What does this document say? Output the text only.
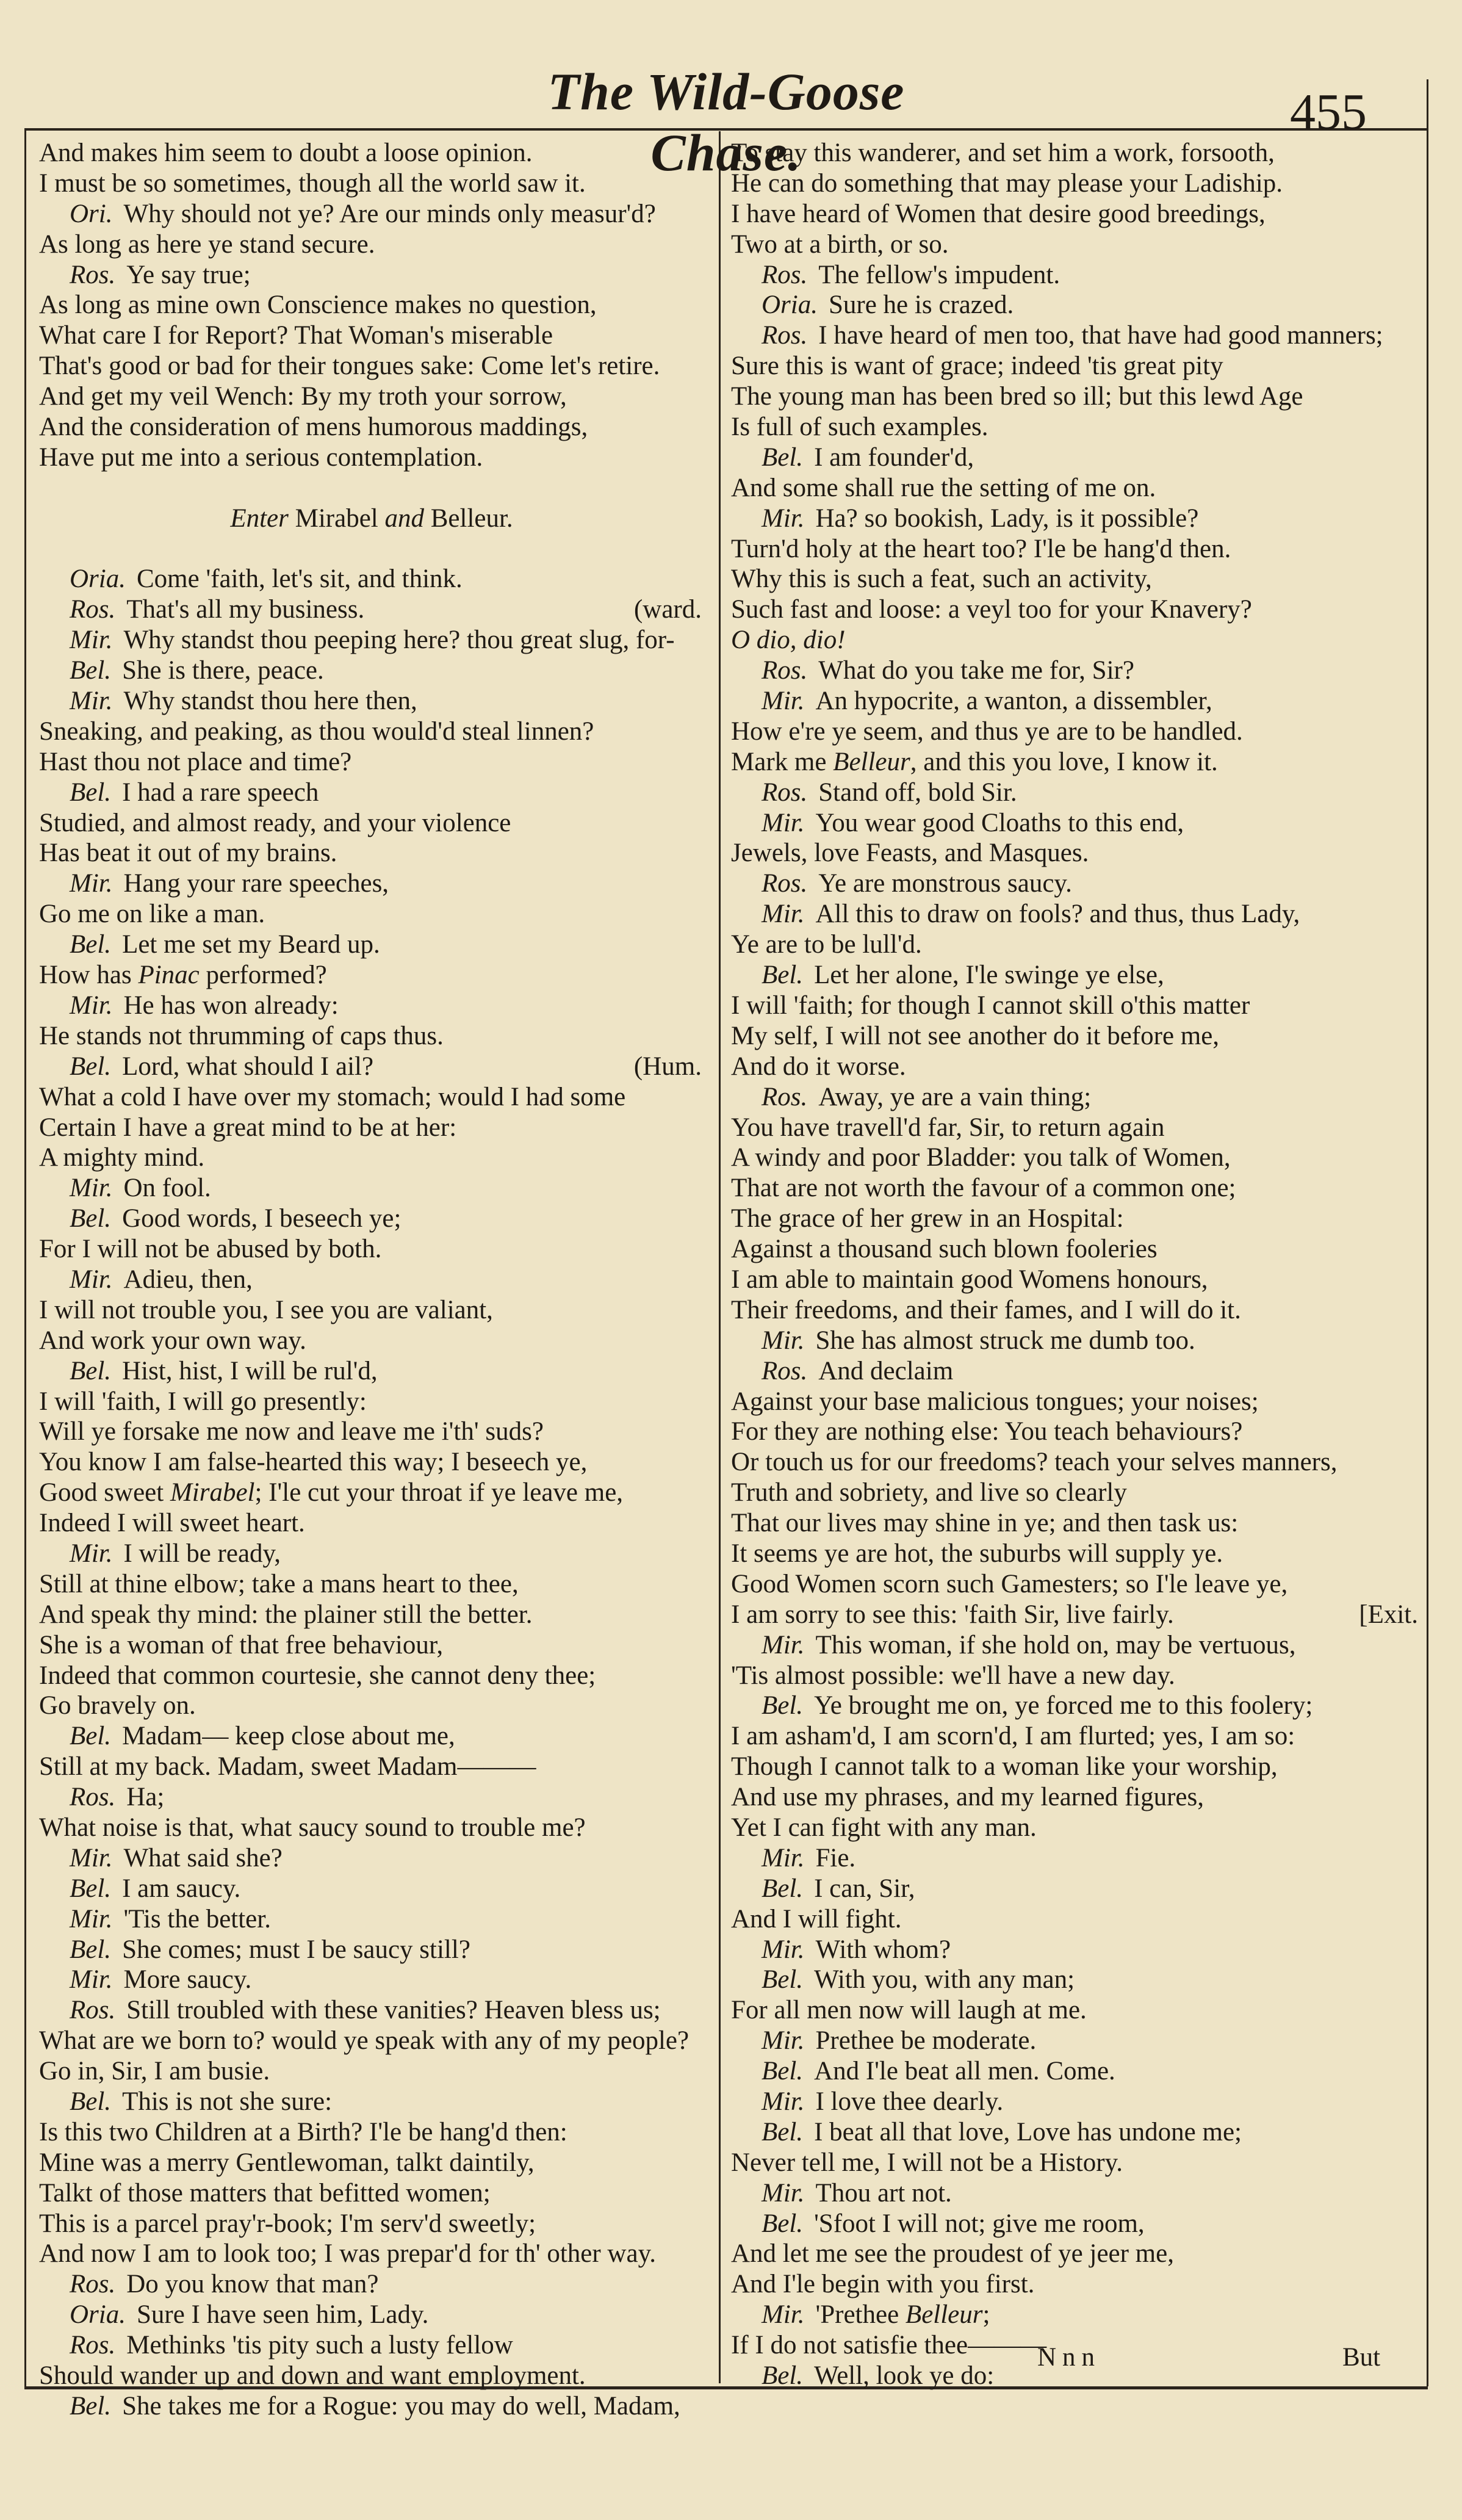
The Wild-Goose Chase.
455
And makes him seem to doubt a loose opinion.
I must be so sometimes, though all the world saw it.
Ori. Why should not ye? Are our minds only measur'd?
As long as here ye stand secure.
Ros. Ye say true;
As long as mine own Conscience makes no question,
What care I for Report? That Woman's miserable
That's good or bad for their tongues sake: Come let's retire.
And get my veil Wench: By my troth your sorrow,
And the consideration of mens humorous maddings,
Have put me into a serious contemplation.

Enter Mirabel and Belleur.

Oria. Come 'faith, let's sit, and think.
Ros. That's all my business.	(ward.
Mir. Why standst thou peeping here? thou great slug, for-
Bel. She is there, peace.
Mir. Why standst thou here then,
Sneaking, and peaking, as thou would'd steal linnen?
Hast thou not place and time?
Bel. I had a rare speech
Studied, and almost ready, and your violence
Has beat it out of my brains.
Mir. Hang your rare speeches,
Go me on like a man.
Bel. Let me set my Beard up.
How has Pinac performed?
Mir. He has won already:
He stands not thrumming of caps thus.
Bel. Lord, what should I ail?	(Hum.
What a cold I have over my stomach; would I had some
Certain I have a great mind to be at her:
A mighty mind.
Mir. On fool.
Bel. Good words, I beseech ye;
For I will not be abused by both.
Mir. Adieu, then,
I will not trouble you, I see you are valiant,
And work your own way.
Bel. Hist, hist, I will be rul'd,
I will 'faith, I will go presently:
Will ye forsake me now and leave me i'th' suds?
You know I am false-hearted this way; I beseech ye,
Good sweet Mirabel; I'le cut your throat if ye leave me,
Indeed I will sweet heart.
Mir. I will be ready,
Still at thine elbow; take a mans heart to thee,
And speak thy mind: the plainer still the better.
She is a woman of that free behaviour,
Indeed that common courtesie, she cannot deny thee;
Go bravely on.
Bel. Madam— keep close about me,
Still at my back. Madam, sweet Madam———
Ros. Ha;
What noise is that, what saucy sound to trouble me?
Mir. What said she?
Bel. I am saucy.
Mir. 'Tis the better.
Bel. She comes; must I be saucy still?
Mir. More saucy.
Ros. Still troubled with these vanities? Heaven bless us;
What are we born to? would ye speak with any of my people?
Go in, Sir, I am busie.
Bel. This is not she sure:
Is this two Children at a Birth? I'le be hang'd then:
Mine was a merry Gentlewoman, talkt daintily,
Talkt of those matters that befitted women;
This is a parcel pray'r-book; I'm serv'd sweetly;
And now I am to look too; I was prepar'd for th' other way.
Ros. Do you know that man?
Oria. Sure I have seen him, Lady.
Ros. Methinks 'tis pity such a lusty fellow
Should wander up and down and want employment.
Bel. She takes me for a Rogue: you may do well, Madam,
To stay this wanderer, and set him a work, forsooth,
He can do something that may please your Ladiship.
I have heard of Women that desire good breedings,
Two at a birth, or so.
Ros. The fellow's impudent.
Oria. Sure he is crazed.
Ros. I have heard of men too, that have had good manners;
Sure this is want of grace; indeed 'tis great pity
The young man has been bred so ill; but this lewd Age
Is full of such examples.
Bel. I am founder'd,
And some shall rue the setting of me on.
Mir. Ha? so bookish, Lady, is it possible?
Turn'd holy at the heart too? I'le be hang'd then.
Why this is such a feat, such an activity,
Such fast and loose: a veyl too for your Knavery?
O dio, dio!
Ros. What do you take me for, Sir?
Mir. An hypocrite, a wanton, a dissembler,
How e're ye seem, and thus ye are to be handled.
Mark me Belleur, and this you love, I know it.
Ros. Stand off, bold Sir.
Mir. You wear good Cloaths to this end,
Jewels, love Feasts, and Masques.
Ros. Ye are monstrous saucy.
Mir. All this to draw on fools? and thus, thus Lady,
Ye are to be lull'd.
Bel. Let her alone, I'le swinge ye else,
I will 'faith; for though I cannot skill o'this matter
My self, I will not see another do it before me,
And do it worse.
Ros. Away, ye are a vain thing;
You have travell'd far, Sir, to return again
A windy and poor Bladder: you talk of Women,
That are not worth the favour of a common one;
The grace of her grew in an Hospital:
Against a thousand such blown fooleries
I am able to maintain good Womens honours,
Their freedoms, and their fames, and I will do it.
Mir. She has almost struck me dumb too.
Ros. And declaim
Against your base malicious tongues; your noises;
For they are nothing else: You teach behaviours?
Or touch us for our freedoms? teach your selves manners,
Truth and sobriety, and live so clearly
That our lives may shine in ye; and then task us:
It seems ye are hot, the suburbs will supply ye.
Good Women scorn such Gamesters; so I'le leave ye,
I am sorry to see this: 'faith Sir, live fairly.	[Exit.
Mir. This woman, if she hold on, may be vertuous,
'Tis almost possible: we'll have a new day.
Bel. Ye brought me on, ye forced me to this foolery;
I am asham'd, I am scorn'd, I am flurted; yes, I am so:
Though I cannot talk to a woman like your worship,
And use my phrases, and my learned figures,
Yet I can fight with any man.
Mir. Fie.
Bel. I can, Sir,
And I will fight.
Mir. With whom?
Bel. With you, with any man;
For all men now will laugh at me.
Mir. Prethee be moderate.
Bel. And I'le beat all men. Come.
Mir. I love thee dearly.
Bel. I beat all that love, Love has undone me;
Never tell me, I will not be a History.
Mir. Thou art not.
Bel. 'Sfoot I will not; give me room,
And let me see the proudest of ye jeer me,
And I'le begin with you first.
Mir. 'Prethee Belleur;
If I do not satisfie thee———
Bel. Well, look ye do:
Nnn	But
